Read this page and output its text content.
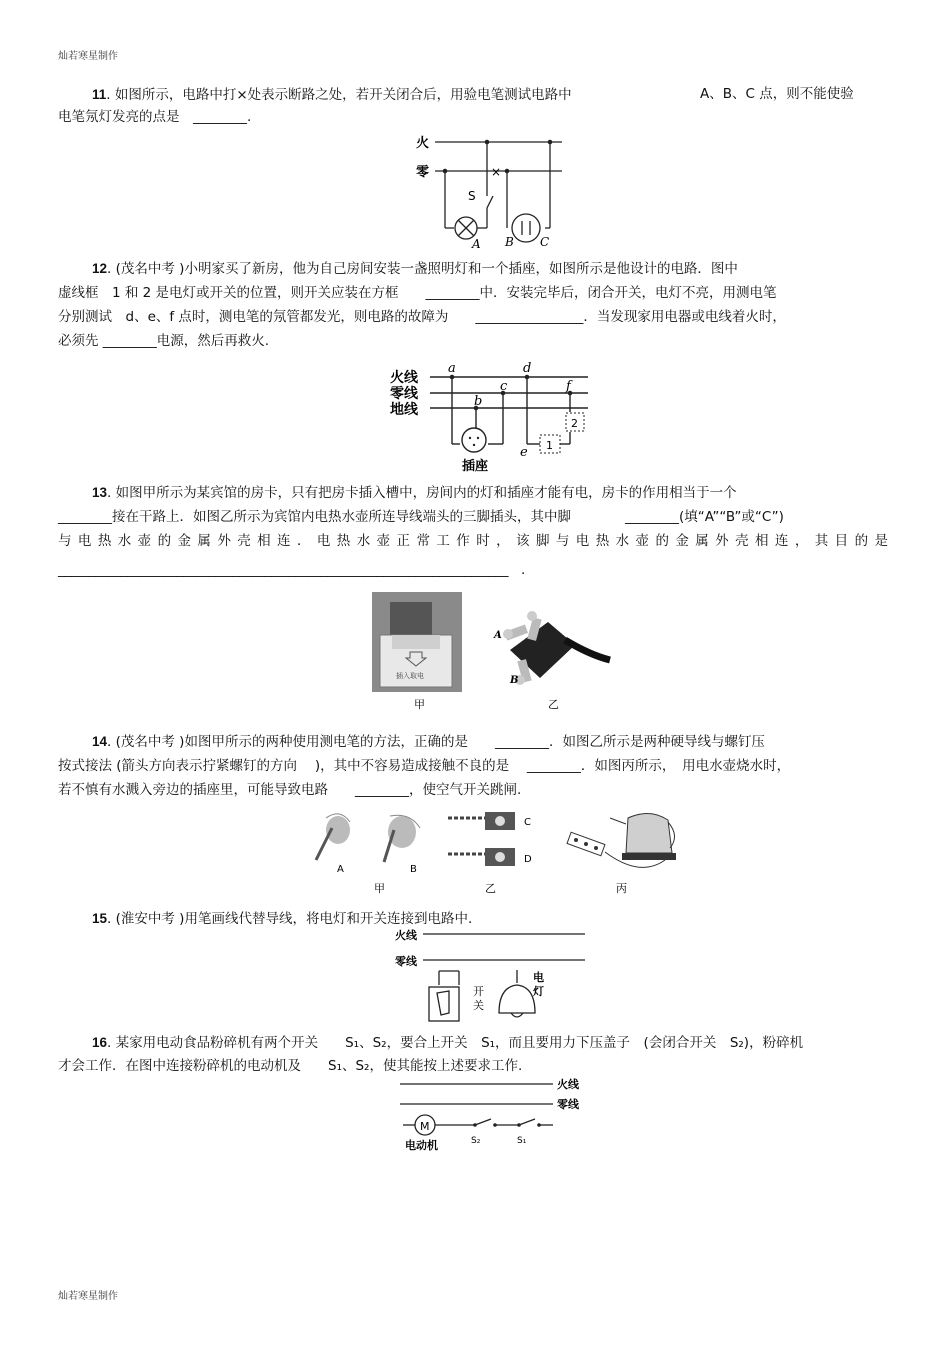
灿若寒星制作
11. 如图所示，电路中打×处表示断路之处，若开关闭合后，用验电笔测试电路中	A、B、C 点，则不能使验
电笔氖灯发亮的点是　________.
火
零
S
×
A B C
12. (茂名中考 )小明家买了新房，他为自己房间安装一盏照明灯和一个插座，如图所示是他设计的电路．图中
虚线框　1 和 2 是电灯或开关的位置，则开关应装在方框　　________中．安装完毕后，闭合开关，电灯不亮，用测电笔
分别测试　d、e、f 点时，测电笔的氖管都发光，则电路的故障为　　________________．当发现家用电器或电线着火时，
必须先 ________电源，然后再救火.
火线
零线
地线
a
b
c
d
e
f
1
2
插座
13. 如图甲所示为某宾馆的房卡，只有把房卡插入槽中，房间内的灯和插座才能有电，房卡的作用相当于一个
________接在干路上．如图乙所示为宾馆内电热水壶所连导线端头的三脚插头，其中脚　　　　________(填“A”“B”或“C”)
与电热水壶的金属外壳相连．电热水壶正常工作时，该脚与电热水壶的金属外壳相连，其目的是
________________________________________________________________________　.
插入取电
甲
A
C
B
乙
14. (茂名中考 )如图甲所示的两种使用测电笔的方法，正确的是　　________．如图乙所示是两种硬导线与螺钉压
按式接法 (箭头方向表示拧紧螺钉的方向　 )，其中不容易造成接触不良的是　 ________．如图丙所示，　用电水壶烧水时，
若不慎有水溅入旁边的插座里，可能导致电路　　________，使空气开关跳闸.
A	B
甲
C
D
乙	丙
15. (淮安中考 )用笔画线代替导线，将电灯和开关连接到电路中.
火线
零线
开
关
电
灯
16. 某家用电动食品粉碎机有两个开关　　S₁、S₂，要合上开关　S₁，而且要用力下压盖子　(会闭合开关　S₂)，粉碎机
才会工作．在图中连接粉碎机的电动机及　　S₁、S₂，使其能按上述要求工作.
火线
零线
M
电动机	S₂	S₁
灿若寒星制作
